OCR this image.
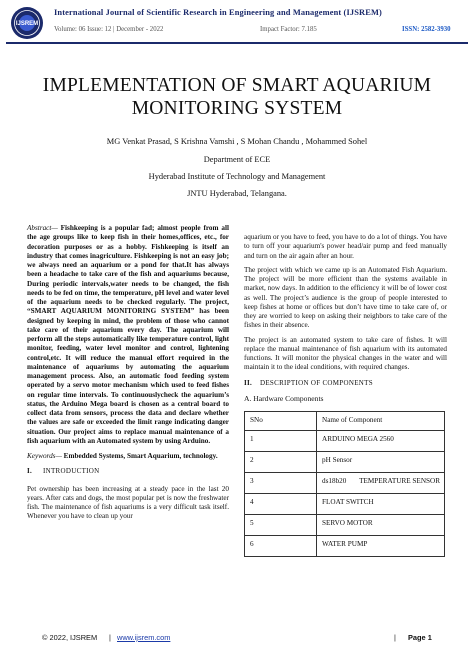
IJSREM
International Journal of Scientific Research in Engineering and Management (IJSREM)
Volume: 06 Issue: 12 | December - 2022	Impact Factor: 7.185	ISSN: 2582-3930
IMPLEMENTATION OF SMART AQUARIUM MONITORING SYSTEM
MG Venkat Prasad, S Krishna Vamshi , S Mohan Chandu , Mohammed Sohel
Department of ECE
Hyderabad Institute of Technology and Management
JNTU Hyderabad, Telangana.

Abstract— Fishkeeping is a popular fad; almost people from all the age groups like to keep fish in their homes,offices, etc., for decoration purposes or as a hobby. Fishkeeping is itself an industry that comes inagriculture. Fishkeeping is not an easy job; we always need an aquarium or a pond for that.It has always been a headache to take care of the fish and aquariums because, During periodic intervals,water needs to be changed, the fish needs to be fed on time, the temperature, pH level and water level of the aquarium needs to be checked regularly. The project, “SMART AQUARIUM MONITORING SYSTEM” has been designed by keeping in mind, the problem of those who cannot take care of their aquarium every day. The aquarium will perform all the steps automatically like temperature control, light monitor, feeding, water level monitor and control, lightening control,etc. It will reduce the manual effort required in the maintenance of aquariums by automating the aquarium management process. Also, an automatic food feeding system operated by a servo motor mechanism which used to feed fishes on regular time intervals. To continuouslycheck the aquarium’s status, the Arduino Mega board is chosen as a central board to collect data from sensors, process the data and declare whether the values are safe or exceeded the limit range indicating danger situation. Our project aims to replace manual maintenance of a fish aquarium with an Automated system by using Arduino.

Keywords— Embedded Systems, Smart Aquarium, technology.

I. INTRODUCTION

Pet ownership has been increasing at a steady pace in the last 20 years. After cats and dogs, the most popular pet is now the freshwater fish. The maintenance of fish aquariums is a very difficult task itself. Whenever you have to clean up your

aquarium or you have to feed, you have to do a lot of things. You have to turn off your aquarium's power head/air pump and feed manually and turn on the air again after an hour.

The project with which we came up is an Automated Fish Aquarium. The project will be more efficient than the systems available in market, now days. In addition to the efficiency it will be of lower cost as well. The project’s audience is the group of people interested to keep fishes at home or offices but don’t have time to take care of, or they are worried to keep on asking their neighbors to take care of the fishes in their absence.

The project is an automated system to take care of fishes. It will replace the manual maintenance of fish aquarium with its automated functions. It will monitor the physical changes in the water and will maintain it to the ideal conditions, with required changes.

II. DESCRIPTION OF COMPONENTS
A. Hardware Components
SNo	Name of Component
1	ARDUINO MEGA 2560
2	pH Sensor
3	ds18b20 TEMPERATURE SENSOR

4	FLOAT SWITCH
5	SERVO MOTOR
6	WATER PUMP
© 2022, IJSREM | www.ijsrem.com	| Page 1
